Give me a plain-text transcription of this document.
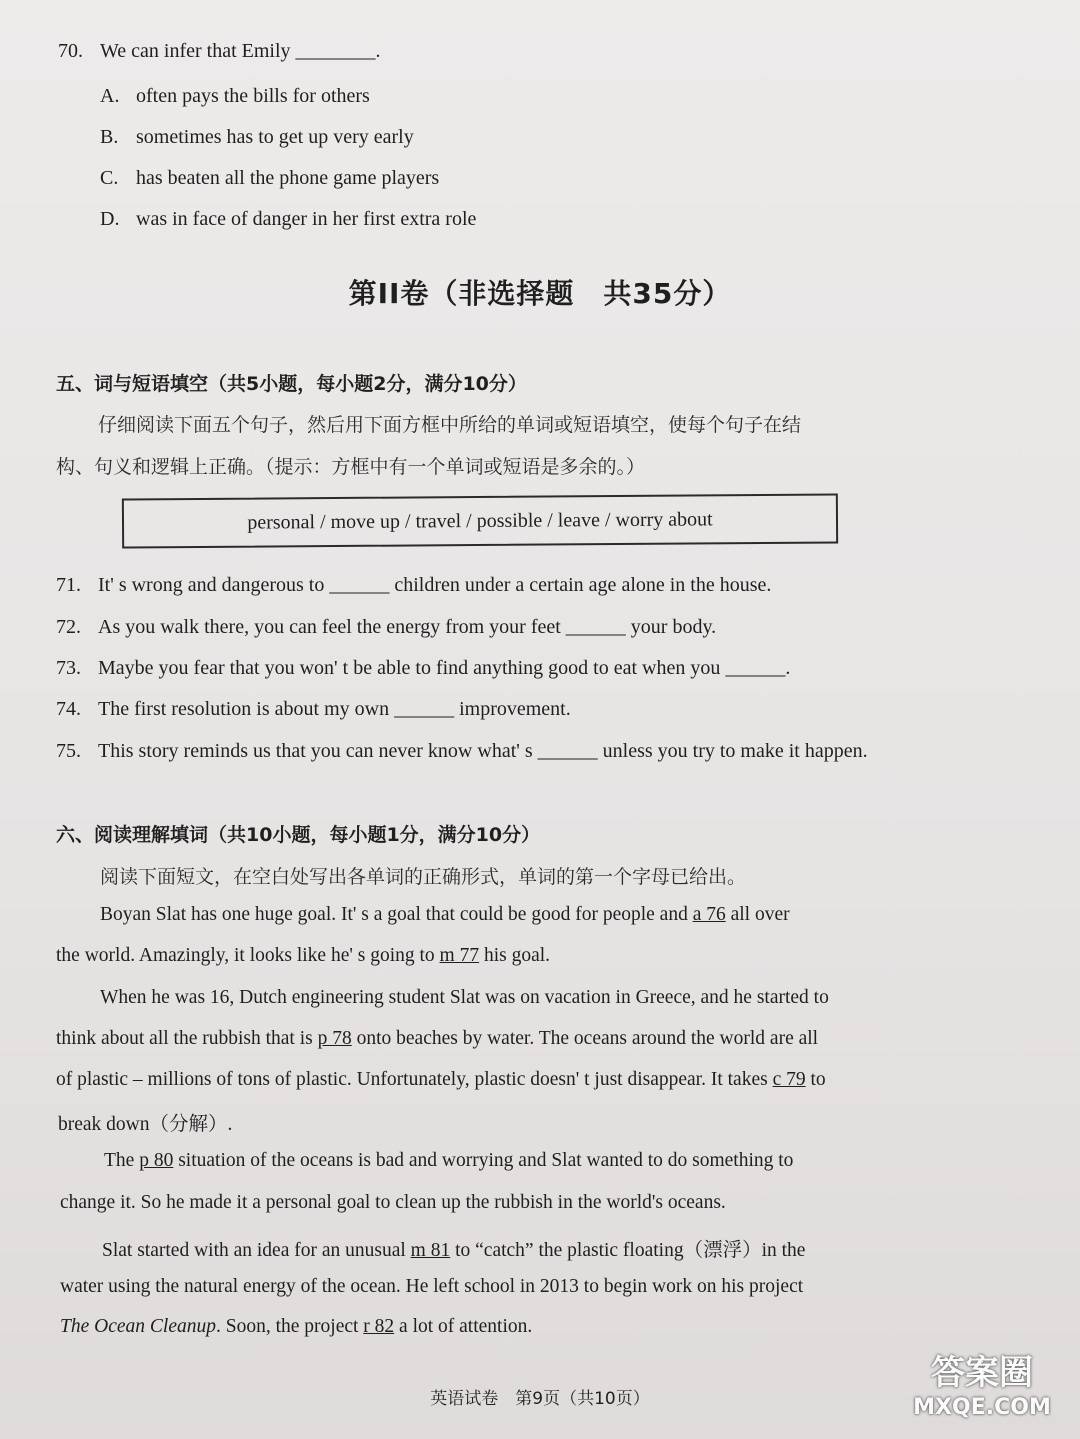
70. We can infer that Emily ________.
A. often pays the bills for others
B. sometimes has to get up very early
C. has beaten all the phone game players
D. was in face of danger in her first extra role
第II卷（非选择题　共35分）
五、词与短语填空（共5小题，每小题2分，满分10分）
仔细阅读下面五个句子，然后用下面方框中所给的单词或短语填空，使每个句子在结
构、句义和逻辑上正确。（提示：方框中有一个单词或短语是多余的。）
personal / move up / travel / possible / leave / worry about
71. It' s wrong and dangerous to ______ children under a certain age alone in the house.
72. As you walk there, you can feel the energy from your feet ______ your body.
73. Maybe you fear that you won' t be able to find anything good to eat when you ______.
74. The first resolution is about my own ______ improvement.
75. This story reminds us that you can never know what' s ______ unless you try to make it happen.
六、阅读理解填词（共10小题，每小题1分，满分10分）
阅读下面短文，在空白处写出各单词的正确形式，单词的第一个字母已给出。
Boyan Slat has one huge goal. It' s a goal that could be good for people and a 76 all over
the world. Amazingly, it looks like he' s going to m 77 his goal.
When he was 16, Dutch engineering student Slat was on vacation in Greece, and he started to
think about all the rubbish that is p 78 onto beaches by water. The oceans around the world are all
of plastic – millions of tons of plastic. Unfortunately, plastic doesn' t just disappear. It takes c 79 to
break down（分解）.
The p 80 situation of the oceans is bad and worrying and Slat wanted to do something to
change it. So he made it a personal goal to clean up the rubbish in the world's oceans.
Slat started with an idea for an unusual m 81 to “catch” the plastic floating（漂浮）in the
water using the natural energy of the ocean. He left school in 2013 to begin work on his project
The Ocean Cleanup. Soon, the project r 82 a lot of attention.
英语试卷　第9页（共10页）
答案圈
MXQE.COM
